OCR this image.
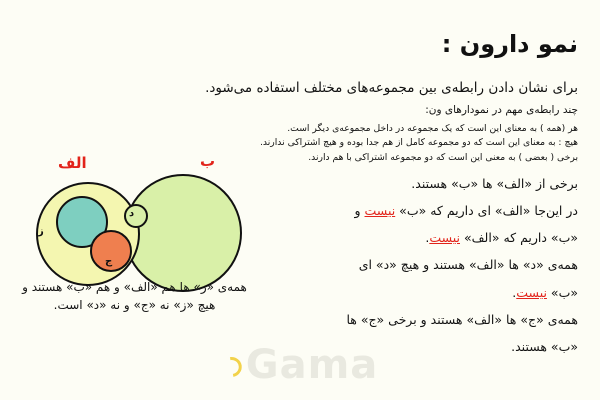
نمو دارون :
برای نشان دادن رابطه‌ی بین مجموعه‌های مختلف استفاده می‌شود.
چند رابطه‌ی مهم در نمودارهای ون:
هر (همه ) به معنای این است که یک مجموعه در داخل مجموعه‌ی دیگر است.
هیچ : به معنای این است که دو مجموعه کامل از هم جدا بوده و هیچ اشتراکی ندارند.
برخی ( بعضی ) به معنی این است که دو مجموعه اشتراکی با هم دارند.
برخی از «الف» ها «ب» هستند.
در این‌جا «الف» ای داریم که «ب» نیست و
«ب» داریم که «الف» نیست.
همه‌ی «د» ها «الف» هستند و هیچ «د» ای
«ب» نیست.
همه‌ی «ج» ها «الف» هستند و برخی «ج» ها
«ب» هستند.
الف	ب
د
ز
ج
همه‌ی «ز» ها هم «الف» و هم «ب» هستند و هیچ «ز» نه «ج» و نه «د» است.
Gama
